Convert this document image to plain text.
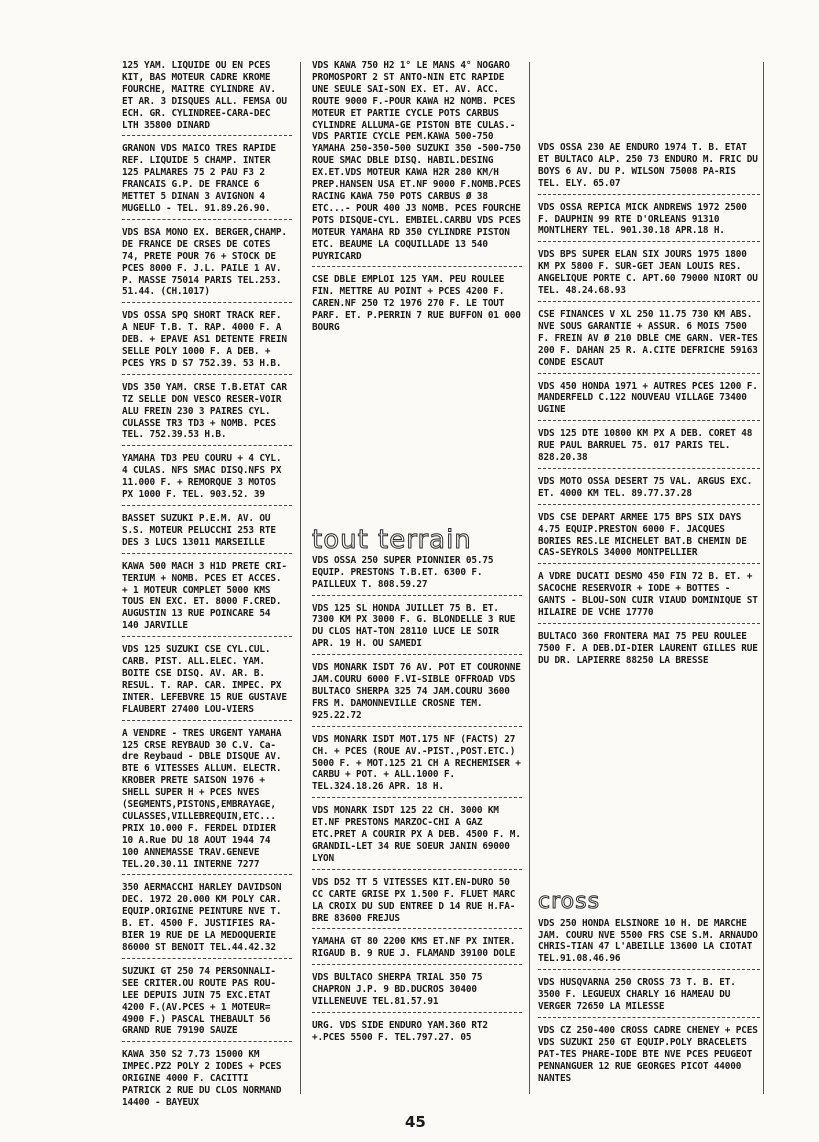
125 YAM. LIQUIDE OU EN PCES KIT, BAS MOTEUR CADRE KROME FOURCHE, MAITRE CYLINDRE AV. ET AR. 3 DISQUES ALL. FEMSA OU ECH. GR. CYLINDREE-CARA-DEC LTH 35800 DINARD

GRANON VDS MAICO TRES RAPIDE REF. LIQUIDE 5 CHAMP. INTER 125 PALMARES 75 2 PAU F3 2 FRANCAIS G.P. DE FRANCE 6 METTET 5 DINAN 3 AVIGNON 4 MUGELLO - TEL. 91.89.26.90.

VDS BSA MONO EX. BERGER,CHAMP. DE FRANCE DE CRSES DE COTES 74, PRETE POUR 76 + STOCK DE PCES 8000 F. J.L. PAILE 1 AV. P. MASSE 75014 PARIS TEL.253. 51.44. (CH.1017)

VDS OSSA SPQ SHORT TRACK REF. A NEUF T.B. T. RAP. 4000 F. A DEB. + EPAVE AS1 DETENTE FREIN SELLE POLY 1000 F. A DEB. + PCES YRS D S7 752.39. 53 H.B.

VDS 350 YAM. CRSE T.B.ETAT CAR TZ SELLE DON VESCO RESER-VOIR ALU FREIN 230 3 PAIRES CYL. CULASSE TR3 TD3 + NOMB. PCES TEL. 752.39.53 H.B.

YAMAHA TD3 PEU COURU + 4 CYL. 4 CULAS. NFS SMAC DISQ.NFS PX 11.000 F. + REMORQUE 3 MOTOS PX 1000 F. TEL. 903.52. 39

BASSET SUZUKI P.E.M. AV. OU S.S. MOTEUR PELUCCHI 253 RTE DES 3 LUCS 13011 MARSEILLE

KAWA 500 MACH 3 H1D PRETE CRI-TERIUM + NOMB. PCES ET ACCES. + 1 MOTEUR COMPLET 5000 KMS TOUS EN EXC. ET. 8000 F.CRED. AUGUSTIN 13 RUE POINCARE 54 140 JARVILLE

VDS 125 SUZUKI CSE CYL.CUL. CARB. PIST. ALL.ELEC. YAM. BOITE CSE DISQ. AV. AR. B. RESUL. T. RAP. CAR. IMPEC. PX INTER. LEFEBVRE 15 RUE GUSTAVE FLAUBERT 27400 LOU-VIERS

A VENDRE - TRES URGENT YAMAHA 125 CRSE REYBAUD 30 C.V. Ca-dre Reybaud - DBLE DISQUE AV. BTE 6 VITESSES ALLUM. ELECTR. KROBER PRETE SAISON 1976 + SHELL SUPER H + PCES NVES (SEGMENTS,PISTONS,EMBRAYAGE, CULASSES,VILLEBREQUIN,ETC... PRIX 10.000 F. FERDEL DIDIER 10 A.Rue DU 18 AOUT 1944 74 100 ANNEMASSE TRAV.GENEVE TEL.20.30.11 INTERNE 7277

350 AERMACCHI HARLEY DAVIDSON DEC. 1972 20.000 KM POLY CAR. EQUIP.ORIGINE PEINTURE NVE T. B. ET. 4500 F. JUSTIFIES RA-BIER 19 RUE DE LA MEDOQUERIE 86000 ST BENOIT TEL.44.42.32

SUZUKI GT 250 74 PERSONNALI-SEE CRITER.OU ROUTE PAS ROU-LEE DEPUIS JUIN 75 EXC.ETAT 4200 F.(AV.PCES + 1 MOTEUR= 4900 F.) PASCAL THEBAULT 56 GRAND RUE 79190 SAUZE

KAWA 350 S2 7.73 15000 KM IMPEC.PZ2 POLY 2 IODES + PCES ORIGINE 4000 F. CACITTI PATRICK 2 RUE DU CLOS NORMAND 14400 - BAYEUX

VDS KAWA 750 H2 1° LE MANS 4° NOGARO PROMOSPORT 2 ST ANTO-NIN ETC RAPIDE UNE SEULE SAI-SON EX. ET. AV. ACC. ROUTE 9000 F.-POUR KAWA H2 NOMB. PCES MOTEUR ET PARTIE CYCLE POTS CARBUS CYLINDRE ALLUMA-GE PISTON BTE CULAS.- VDS PARTIE CYCLE PEM.KAWA 500-750 YAMAHA 250-350-500 SUZUKI 350 -500-750 ROUE SMAC DBLE DISQ. HABIL.DESING EX.ET.VDS MOTEUR KAWA H2R 280 KM/H PREP.HANSEN USA ET.NF 9000 F.NOMB.PCES RACING KAWA 750 POTS CARBUS Ø 38 ETC...- POUR 400 J3 NOMB. PCES FOURCHE POTS DISQUE-CYL. EMBIEL.CARBU VDS PCES MOTEUR YAMAHA RD 350 CYLINDRE PISTON ETC. BEAUME LA COQUILLADE 13 540 PUYRICARD

CSE DBLE EMPLOI 125 YAM. PEU ROULEE FIN. METTRE AU POINT + PCES 4200 F. CAREN.NF 250 T2 1976 270 F. LE TOUT PARF. ET. P.PERRIN 7 RUE BUFFON 01 000 BOURG

tout terrain

VDS OSSA 250 SUPER PIONNIER 05.75 EQUIP. PRESTONS T.B.ET. 6300 F. PAILLEUX T. 808.59.27

VDS 125 SL HONDA JUILLET 75 B. ET. 7300 KM PX 3000 F. G. BLONDELLE 3 RUE DU CLOS HAT-TON 28110 LUCE LE SOIR APR. 19 H. OU SAMEDI

VDS MONARK ISDT 76 AV. POT ET COURONNE JAM.COURU 6000 F.VI-SIBLE OFFROAD VDS BULTACO SHERPA 325 74 JAM.COURU 3600 FRS M. DAMONNEVILLE CROSNE TEM. 925.22.72

VDS MONARK ISDT MOT.175 NF (FACTS) 27 CH. + PCES (ROUE AV.-PIST.,POST.ETC.) 5000 F. + MOT.125 21 CH A RECHEMISER + CARBU + POT. + ALL.1000 F. TEL.324.18.26 APR. 18 H.

VDS MONARK ISDT 125 22 CH. 3000 KM ET.NF PRESTONS MARZOC-CHI A GAZ ETC.PRET A COURIR PX A DEB. 4500 F. M. GRANDIL-LET 34 RUE SOEUR JANIN 69000 LYON

VDS D52 TT 5 VITESSES KIT.EN-DURO 50 CC CARTE GRISE PX 1.500 F. FLUET MARC LA CROIX DU SUD ENTREE D 14 RUE H.FA-BRE 83600 FREJUS

YAMAHA GT 80 2200 KMS ET.NF PX INTER. RIGAUD B. 9 RUE J. FLAMAND 39100 DOLE

VDS BULTACO SHERPA TRIAL 350 75 CHAPRON J.P. 9 BD.DUCROS 30400 VILLENEUVE TEL.81.57.91

URG. VDS SIDE ENDURO YAM.360 RT2 +.PCES 5500 F. TEL.797.27. 05

VDS OSSA 230 AE ENDURO 1974 T. B. ETAT ET BULTACO ALP. 250 73 ENDURO M. FRIC DU BOYS 6 AV. DU P. WILSON 75008 PA-RIS TEL. ELY. 65.07

VDS OSSA REPICA MICK ANDREWS 1972 2500 F. DAUPHIN 99 RTE D'ORLEANS 91310 MONTLHERY TEL. 901.30.18 APR.18 H.

VDS BPS SUPER ELAN SIX JOURS 1975 1800 KM PX 5800 F. SUR-GET JEAN LOUIS RES. ANGELIQUE PORTE C. APT.60 79000 NIORT OU TEL. 48.24.68.93

CSE FINANCES V XL 250 11.75 730 KM ABS. NVE SOUS GARANTIE + ASSUR. 6 MOIS 7500 F. FREIN AV Ø 210 DBLE CME GARN. VER-TES 200 F. DAHAN 25 R. A.CITE DEFRICHE 59163 CONDE ESCAUT

VDS 450 HONDA 1971 + AUTRES PCES 1200 F. MANDERFELD C.122 NOUVEAU VILLAGE 73400 UGINE

VDS 125 DTE 10800 KM PX A DEB. CORET 48 RUE PAUL BARRUEL 75. 017 PARIS TEL. 828.20.38

VDS MOTO OSSA DESERT 75 VAL. ARGUS EXC. ET. 4000 KM TEL. 89.77.37.28

VDS CSE DEPART ARMEE 175 BPS SIX DAYS 4.75 EQUIP.PRESTON 6000 F. JACQUES BORIES RES.LE MICHELET BAT.B CHEMIN DE CAS-SEYROLS 34000 MONTPELLIER

A VDRE DUCATI DESMO 450 FIN 72 B. ET. + SACOCHE RESERVOIR + IODE + BOTTES - GANTS - BLOU-SON CUIR VIAUD DOMINIQUE ST HILAIRE DE VCHE 17770

BULTACO 360 FRONTERA MAI 75 PEU ROULEE 7500 F. A DEB.DI-DIER LAURENT GILLES RUE DU DR. LAPIERRE 88250 LA BRESSE

cross

VDS 250 HONDA ELSINORE 10 H. DE MARCHE JAM. COURU NVE 5500 FRS CSE S.M. ARNAUDO CHRIS-TIAN 47 L'ABEILLE 13600 LA CIOTAT TEL.91.08.46.96

VDS HUSQVARNA 250 CROSS 73 T. B. ET. 3500 F. LEGUEUX CHARLY 16 HAMEAU DU VERGER 72650 LA MILESSE

VDS CZ 250-400 CROSS CADRE CHENEY + PCES VDS SUZUKI 250 GT EQUIP.POLY BRACELETS PAT-TES PHARE-IODE BTE NVE PCES PEUGEOT PENNANGUER 12 RUE GEORGES PICOT 44000 NANTES

45
